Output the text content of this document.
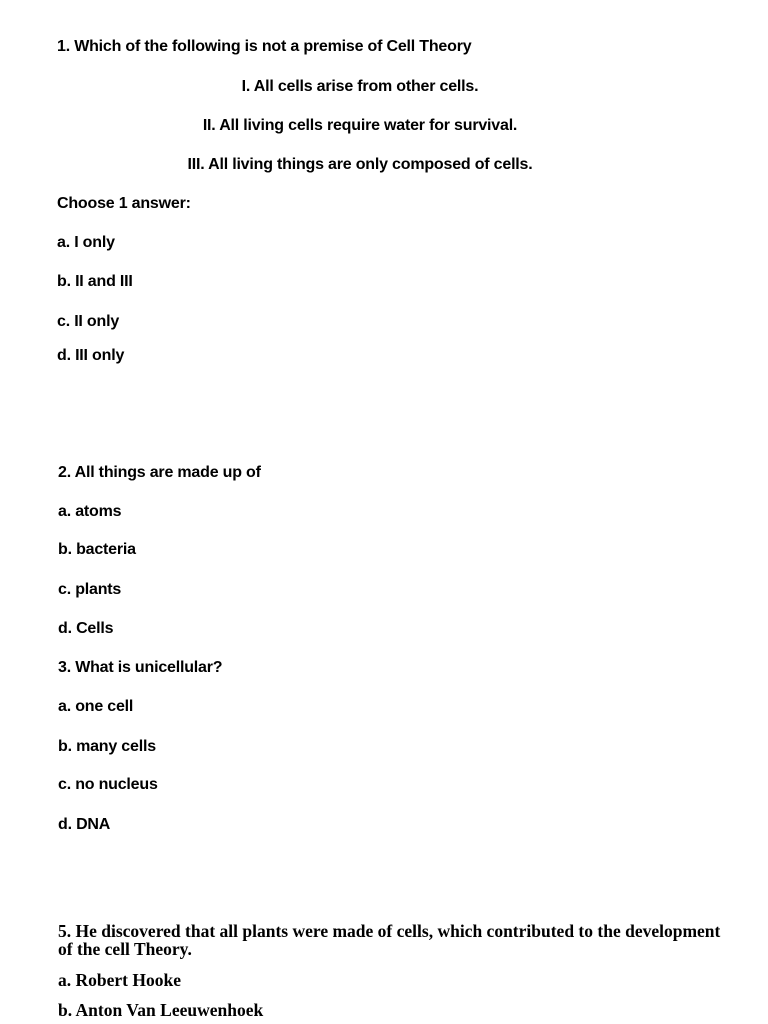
1. Which of the following is not a premise of Cell Theory
I. All cells arise from other cells.
II. All living cells require water for survival.
III. All living things are only composed of cells.
Choose 1 answer:
a. I only
b. II and III
c. II only
d. III only
2. All things are made up of
a. atoms
b. bacteria
c. plants
d. Cells
3. What is unicellular?
a. one cell
b. many cells
c. no nucleus
d. DNA
5. He discovered that all plants were made of cells, which contributed to the development of the cell Theory.
a. Robert Hooke
b. Anton Van Leeuwenhoek
